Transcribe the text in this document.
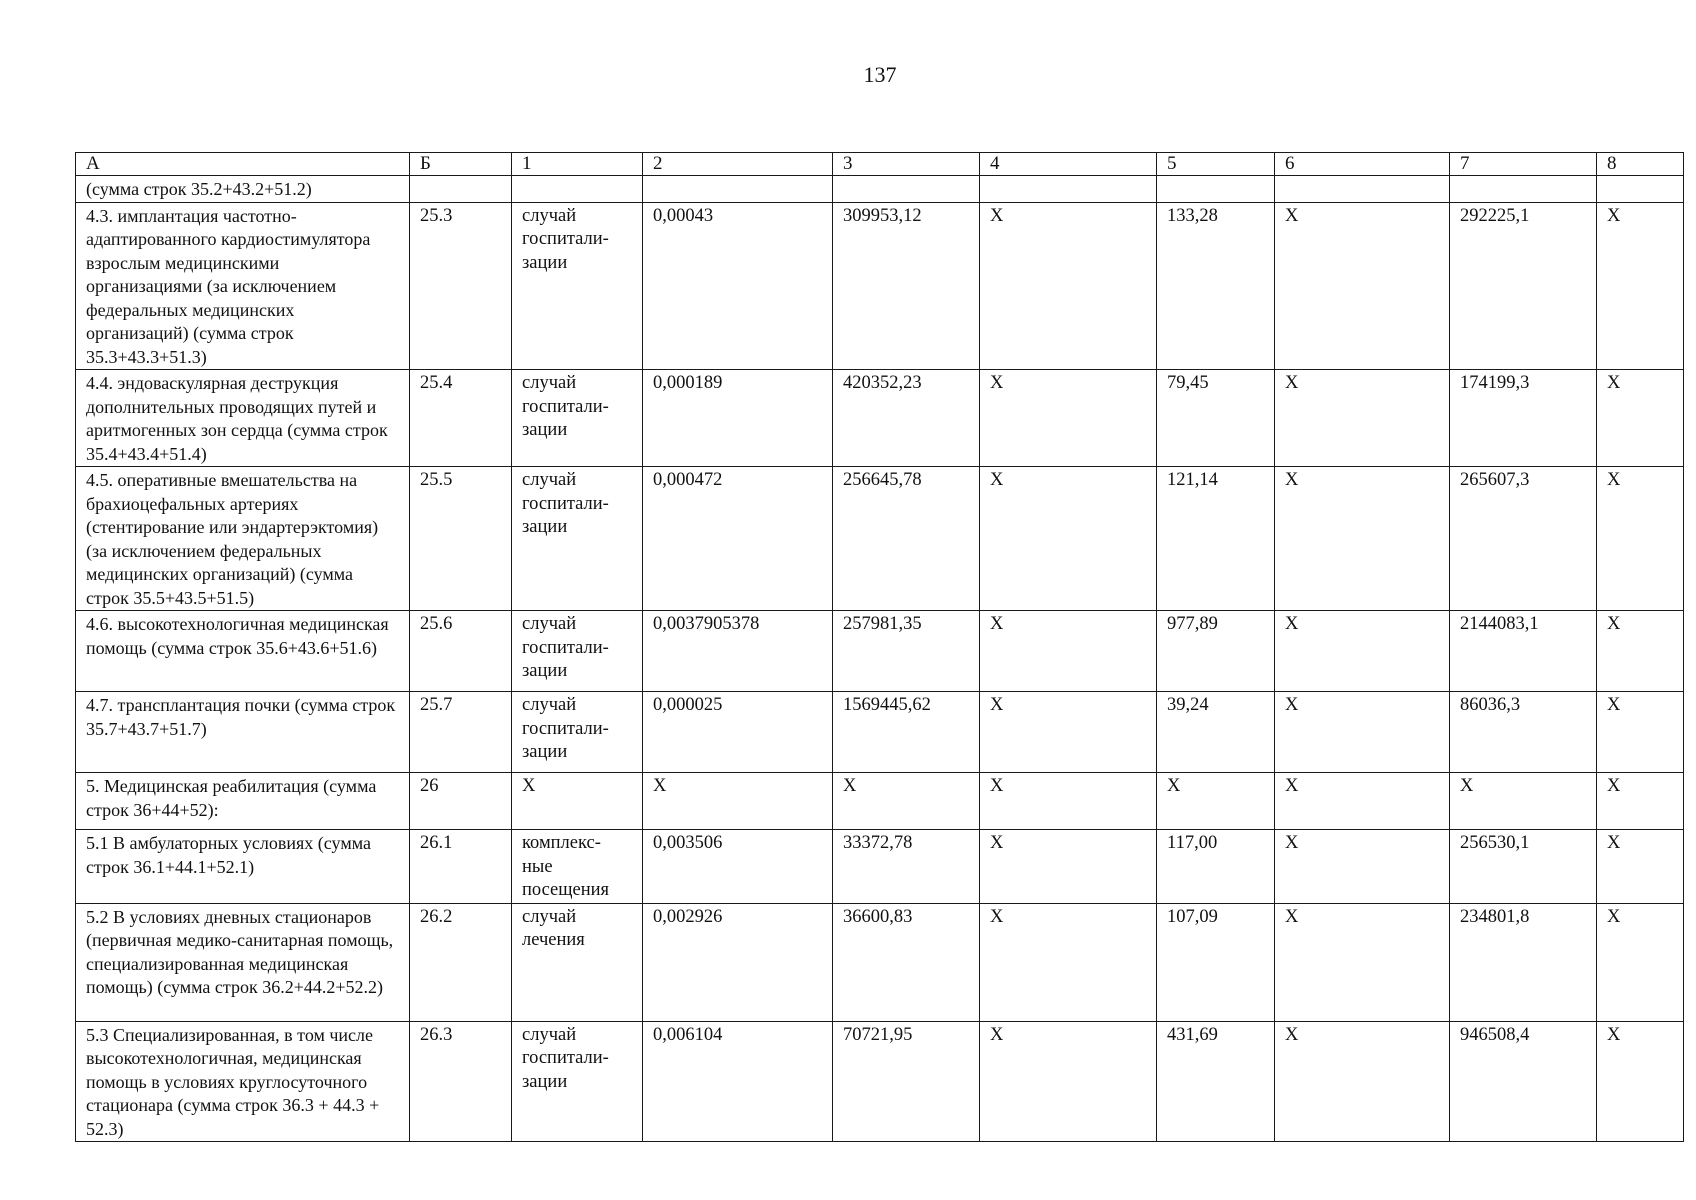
137
А	Б	1	2	3	4	5	6	7	8
(сумма строк 35.2+43.2+51.2)									
4.3. имплантация частотно-адаптированного кардиостимулятора взрослым медицинскими организациями (за исключением федеральных медицинских организаций) (сумма строк 35.3+43.3+51.3)	25.3	случай
госпитали-
зации	0,00043	309953,12	Х	133,28	Х	292225,1	Х
4.4. эндоваскулярная деструкция дополнительных проводящих путей и аритмогенных зон сердца (сумма строк 35.4+43.4+51.4)	25.4	случай
госпитали-
зации	0,000189	420352,23	Х	79,45	Х	174199,3	Х
4.5. оперативные вмешательства на брахиоцефальных артериях (стентирование или эндартерэктомия) (за исключением федеральных медицинских организаций) (сумма строк 35.5+43.5+51.5)	25.5	случай
госпитали-
зации	0,000472	256645,78	Х	121,14	Х	265607,3	Х
4.6. высокотехнологичная медицинская помощь (сумма строк 35.6+43.6+51.6)	25.6	случай
госпитали-
зации	0,0037905378	257981,35	Х	977,89	Х	2144083,1	Х
4.7. трансплантация почки (сумма строк 35.7+43.7+51.7)	25.7	случай
госпитали-
зации	0,000025	1569445,62	Х	39,24	Х	86036,3	Х
5. Медицинская реабилитация (сумма строк 36+44+52):	26	Х	Х	Х	Х	Х	Х	Х	Х
5.1 В амбулаторных условиях (сумма строк 36.1+44.1+52.1)	26.1	комплекс-
ные
посещения	0,003506	33372,78	Х	117,00	Х	256530,1	Х
5.2 В условиях дневных стационаров (первичная медико-санитарная помощь, специализированная медицинская помощь) (сумма строк 36.2+44.2+52.2)	26.2	случай
лечения	0,002926	36600,83	Х	107,09	Х	234801,8	Х
5.3 Специализированная, в том числе высокотехнологичная, медицинская помощь в условиях круглосуточного стационара (сумма строк 36.3 + 44.3 + 52.3)	26.3	случай
госпитали-
зации	0,006104	70721,95	Х	431,69	Х	946508,4	Х
